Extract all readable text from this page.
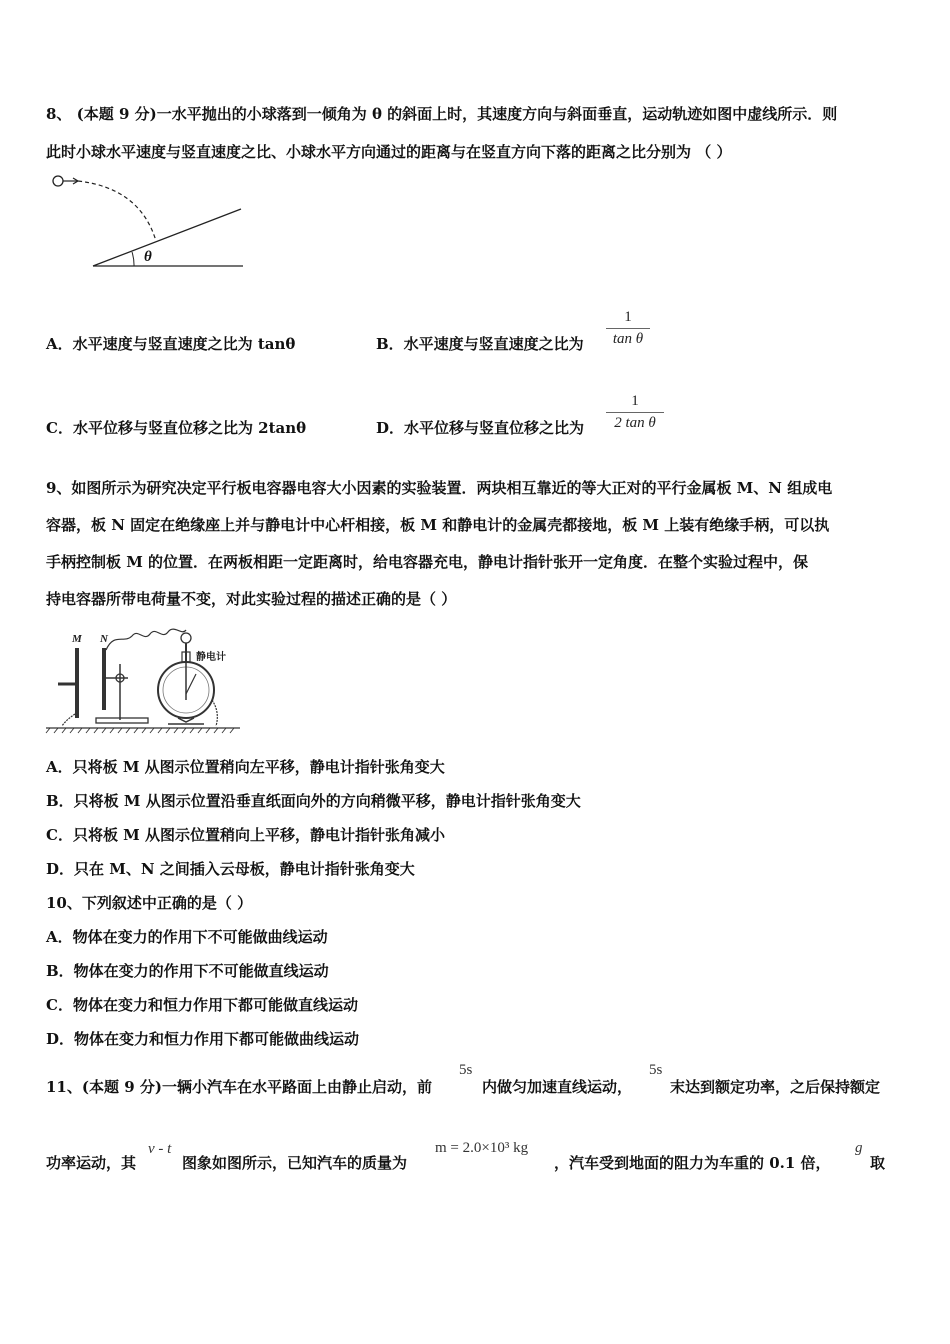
8、 (本题 9 分)一水平抛出的小球落到一倾角为 θ 的斜面上时，其速度方向与斜面垂直，运动轨迹如图中虚线所示．则
此时小球水平速度与竖直速度之比、小球水平方向通过的距离与在竖直方向下落的距离之比分别为 （ ）
θ
A．水平速度与竖直速度之比为 tanθ	B．水平速度与竖直速度之比为
1
tan θ
C．水平位移与竖直位移之比为 2tanθ	D．水平位移与竖直位移之比为
1
2 tan θ
9、如图所示为研究决定平行板电容器电容大小因素的实验装置．两块相互靠近的等大正对的平行金属板 M、N 组成电
容器，板 N 固定在绝缘座上并与静电计中心杆相接，板 M 和静电计的金属壳都接地，板 M 上装有绝缘手柄，可以执
手柄控制板 M 的位置．在两板相距一定距离时，给电容器充电，静电计指针张开一定角度．在整个实验过程中，保
持电容器所带电荷量不变，对此实验过程的描述正确的是（ ）
M N
静电计
A．只将板 M 从图示位置稍向左平移，静电计指针张角变大
B．只将板 M 从图示位置沿垂直纸面向外的方向稍微平移，静电计指针张角变大
C．只将板 M 从图示位置稍向上平移，静电计指针张角减小
D．只在 M、N 之间插入云母板，静电计指针张角变大
10、下列叙述中正确的是（ ）
A．物体在变力的作用下不可能做曲线运动
B．物体在变力的作用下不可能做直线运动
C．物体在变力和恒力作用下都可能做直线运动
D．物体在变力和恒力作用下都可能做曲线运动
11、(本题 9 分)一辆小汽车在水平路面上由静止启动，前
5s
内做匀加速直线运动，
5s
末达到额定功率，之后保持额定
功率运动，其
v - t
图象如图所示，已知汽车的质量为
m = 2.0×10³ kg
，汽车受到地面的阻力为车重的 0.1 倍，
g
取
